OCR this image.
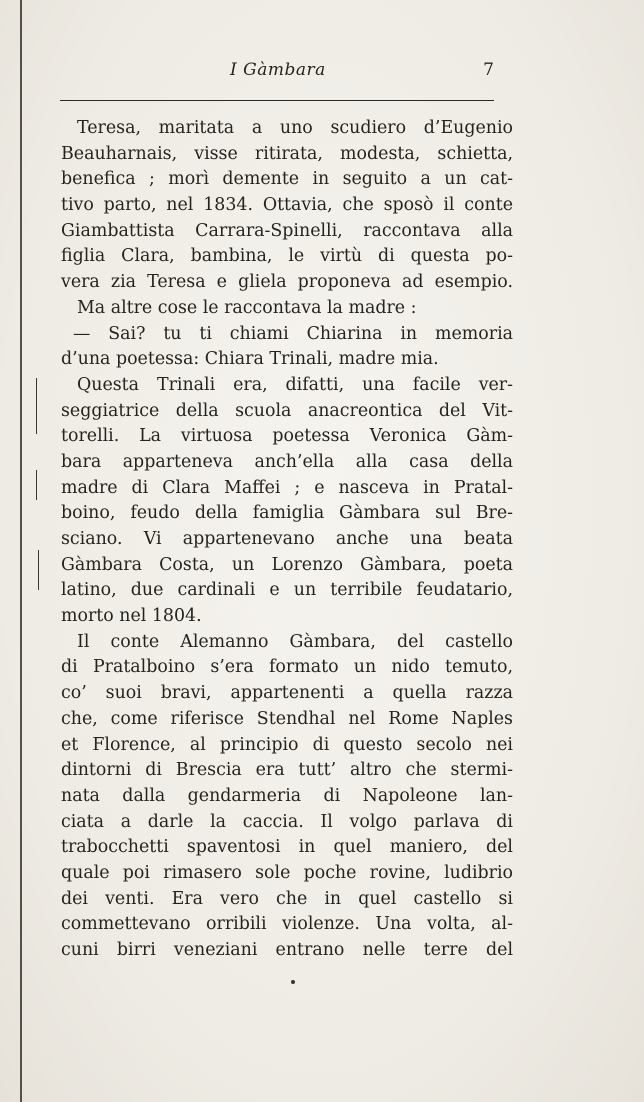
I Gàmbara	7
Teresa, maritata a uno scudiero d’Eugenio
Beauharnais, visse ritirata, modesta, schietta,
benefica ; morì demente in seguito a un cat-
tivo parto, nel 1834. Ottavia, che sposò il conte
Giambattista Carrara-Spinelli, raccontava alla
figlia Clara, bambina, le virtù di questa po-
vera zia Teresa e gliela proponeva ad esempio.
Ma altre cose le raccontava la madre :
— Sai? tu ti chiami Chiarina in memoria
d’una poetessa: Chiara Trinali, madre mia.
Questa Trinali era, difatti, una facile ver-
seggiatrice della scuola anacreontica del Vit-
torelli. La virtuosa poetessa Veronica Gàm-
bara apparteneva anch’ella alla casa della
madre di Clara Maffei ; e nasceva in Pratal-
boino, feudo della famiglia Gàmbara sul Bre-
sciano. Vi appartenevano anche una beata
Gàmbara Costa, un Lorenzo Gàmbara, poeta
latino, due cardinali e un terribile feudatario,
morto nel 1804.
Il conte Alemanno Gàmbara, del castello
di Pratalboino s’era formato un nido temuto,
co’ suoi bravi, appartenenti a quella razza
che, come riferisce Stendhal nel Rome Naples
et Florence, al principio di questo secolo nei
dintorni di Brescia era tutt’ altro che stermi-
nata dalla gendarmeria di Napoleone lan-
ciata a darle la caccia. Il volgo parlava di
trabocchetti spaventosi in quel maniero, del
quale poi rimasero sole poche rovine, ludibrio
dei venti. Era vero che in quel castello si
commettevano orribili violenze. Una volta, al-
cuni birri veneziani entrano nelle terre del
